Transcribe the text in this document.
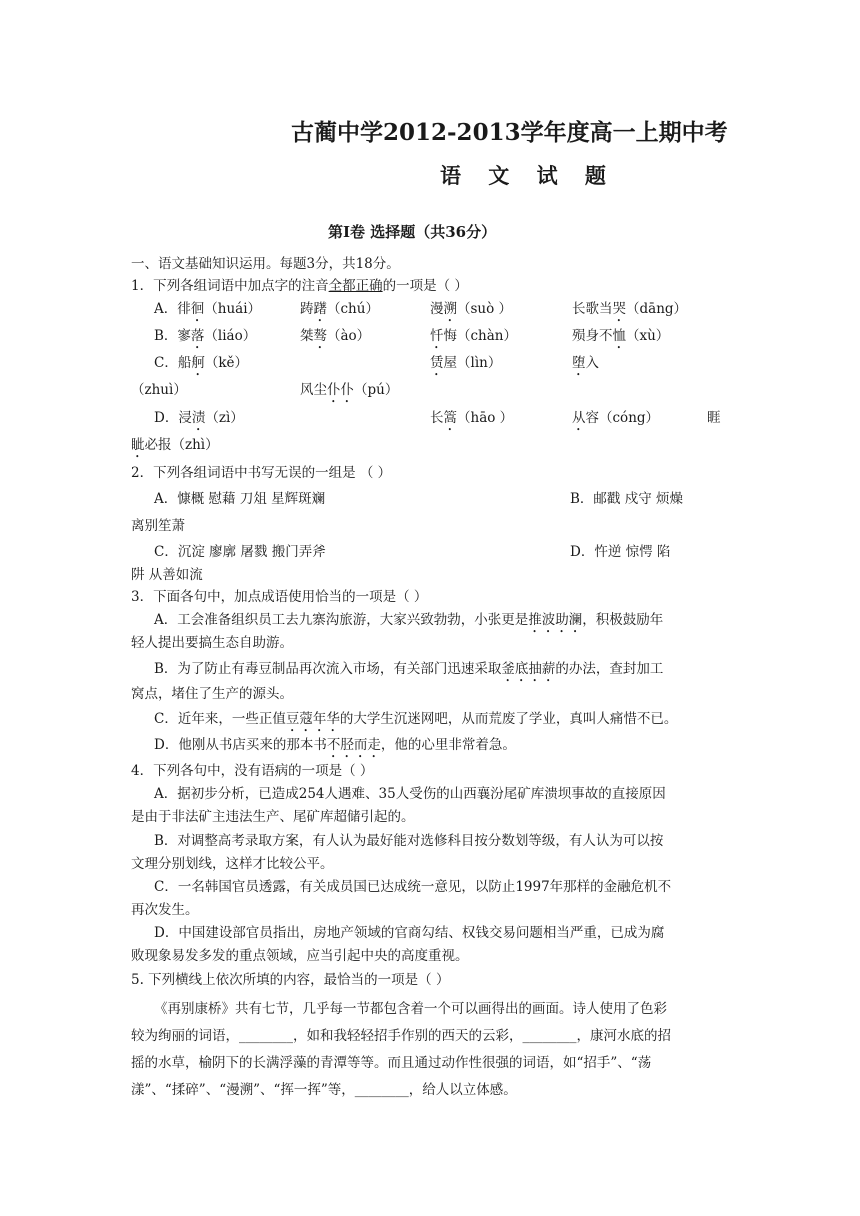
古蔺中学2012-2013学年度高一上期中考
语 文 试 题
第Ⅰ卷 选择题（共36分）
一、语文基础知识运用。每题3分，共18分。
1．下列各组词语中加点字的注音全都正确的一项是（ ）
A．徘徊（huái）	踌躇（chú）	漫溯（suò ）	长歌当哭（dāng）
B．寥落（liáo）	桀骜（ào）	忏悔（chàn）	殒身不恤（xù）
C．船舸（kě）	赁屋（lìn）	堕入
（zhuì）	风尘仆仆（pú）
D．浸渍（zì）	长篙（hāo ）	从容（cóng）	睚
眦必报（zhì）
2．下列各组词语中书写无误的一组是 （ ）
A．慷概 慰藉 刀俎 星辉斑斓	B．邮戳 戍守 烦燥
离别笙萧
C．沉淀 廖廓 屠戮 搬门弄斧	D．忤逆 惊愕 陷
阱 从善如流
3．下面各句中，加点成语使用恰当的一项是（ ）
A．工会准备组织员工去九寨沟旅游，大家兴致勃勃，小张更是推波助澜，积极鼓励年
轻人提出要搞生态自助游。
B．为了防止有毒豆制品再次流入市场，有关部门迅速采取釜底抽薪的办法，查封加工
窝点，堵住了生产的源头。
C．近年来，一些正值豆蔻年华的大学生沉迷网吧，从而荒废了学业，真叫人痛惜不已。
D．他刚从书店买来的那本书不胫而走，他的心里非常着急。
4．下列各句中，没有语病的一项是（ ）
A．据初步分析，已造成254人遇难、35人受伤的山西襄汾尾矿库溃坝事故的直接原因
是由于非法矿主违法生产、尾矿库超储引起的。
B．对调整高考录取方案，有人认为最好能对选修科目按分数划等级，有人认为可以按
文理分别划线，这样才比较公平。
C．一名韩国官员透露，有关成员国已达成统一意见，以防止1997年那样的金融危机不
再次发生。
D．中国建设部官员指出，房地产领域的官商勾结、权钱交易问题相当严重，已成为腐
败现象易发多发的重点领域，应当引起中央的高度重视。
5. 下列横线上依次所填的内容，最恰当的一项是（ ）
《再别康桥》共有七节，几乎每一节都包含着一个可以画得出的画面。诗人使用了色彩
较为绚丽的词语，________，如和我轻轻招手作别的西天的云彩，________，康河水底的招
摇的水草，榆阴下的长满浮藻的青潭等等。而且通过动作性很强的词语，如“招手”、“荡
漾”、“揉碎”、“漫溯”、“挥一挥”等，________，给人以立体感。
